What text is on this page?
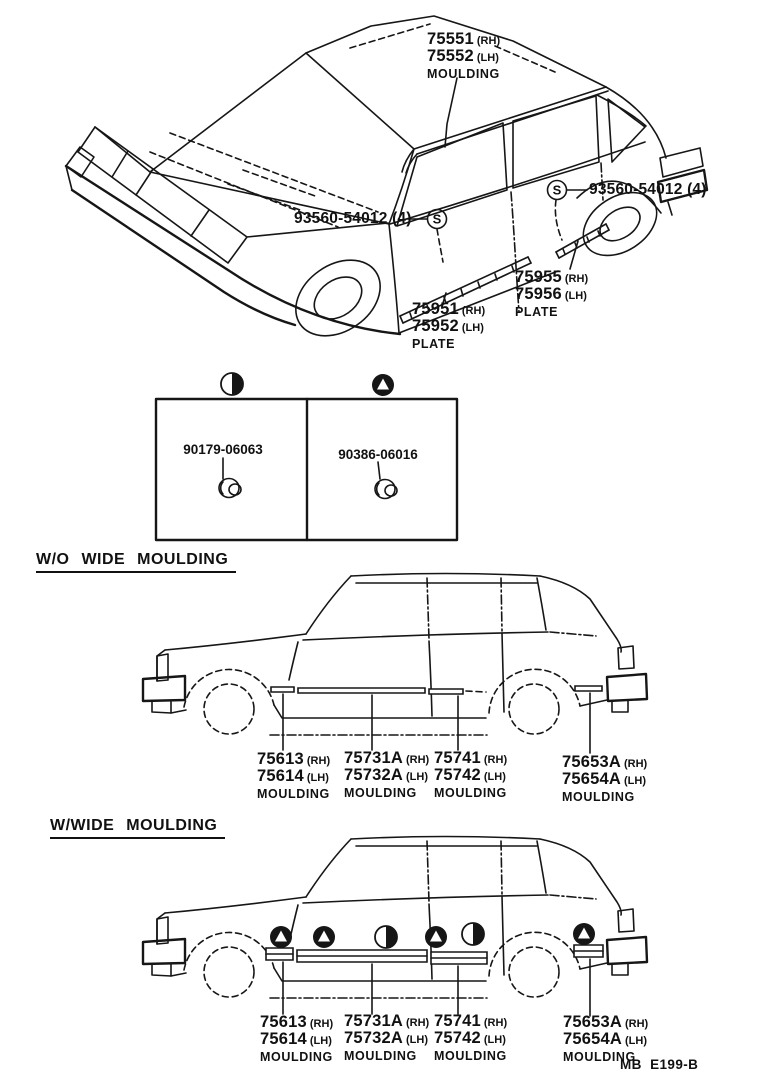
S
S
75551 (RH)
75552 (LH)
MOULDING
93560-54012 (4)
93560-54012 (4)
75955 (RH)
75956 (LH)
PLATE
75951 (RH)
75952 (LH)
PLATE
90179-06063	90386-06016
W/O WIDE MOULDING
W/WIDE MOULDING
75613 (RH)
75614 (LH)
MOULDING
75731A (RH)
75732A (LH)
MOULDING
75741 (RH)
75742 (LH)
MOULDING
75653A (RH)
75654A (LH)
MOULDING
75613 (RH)
75614 (LH)
MOULDING
75731A (RH)
75732A (LH)
MOULDING
75741 (RH)
75742 (LH)
MOULDING
75653A (RH)
75654A (LH)
MOULDING
MB  E199-B
